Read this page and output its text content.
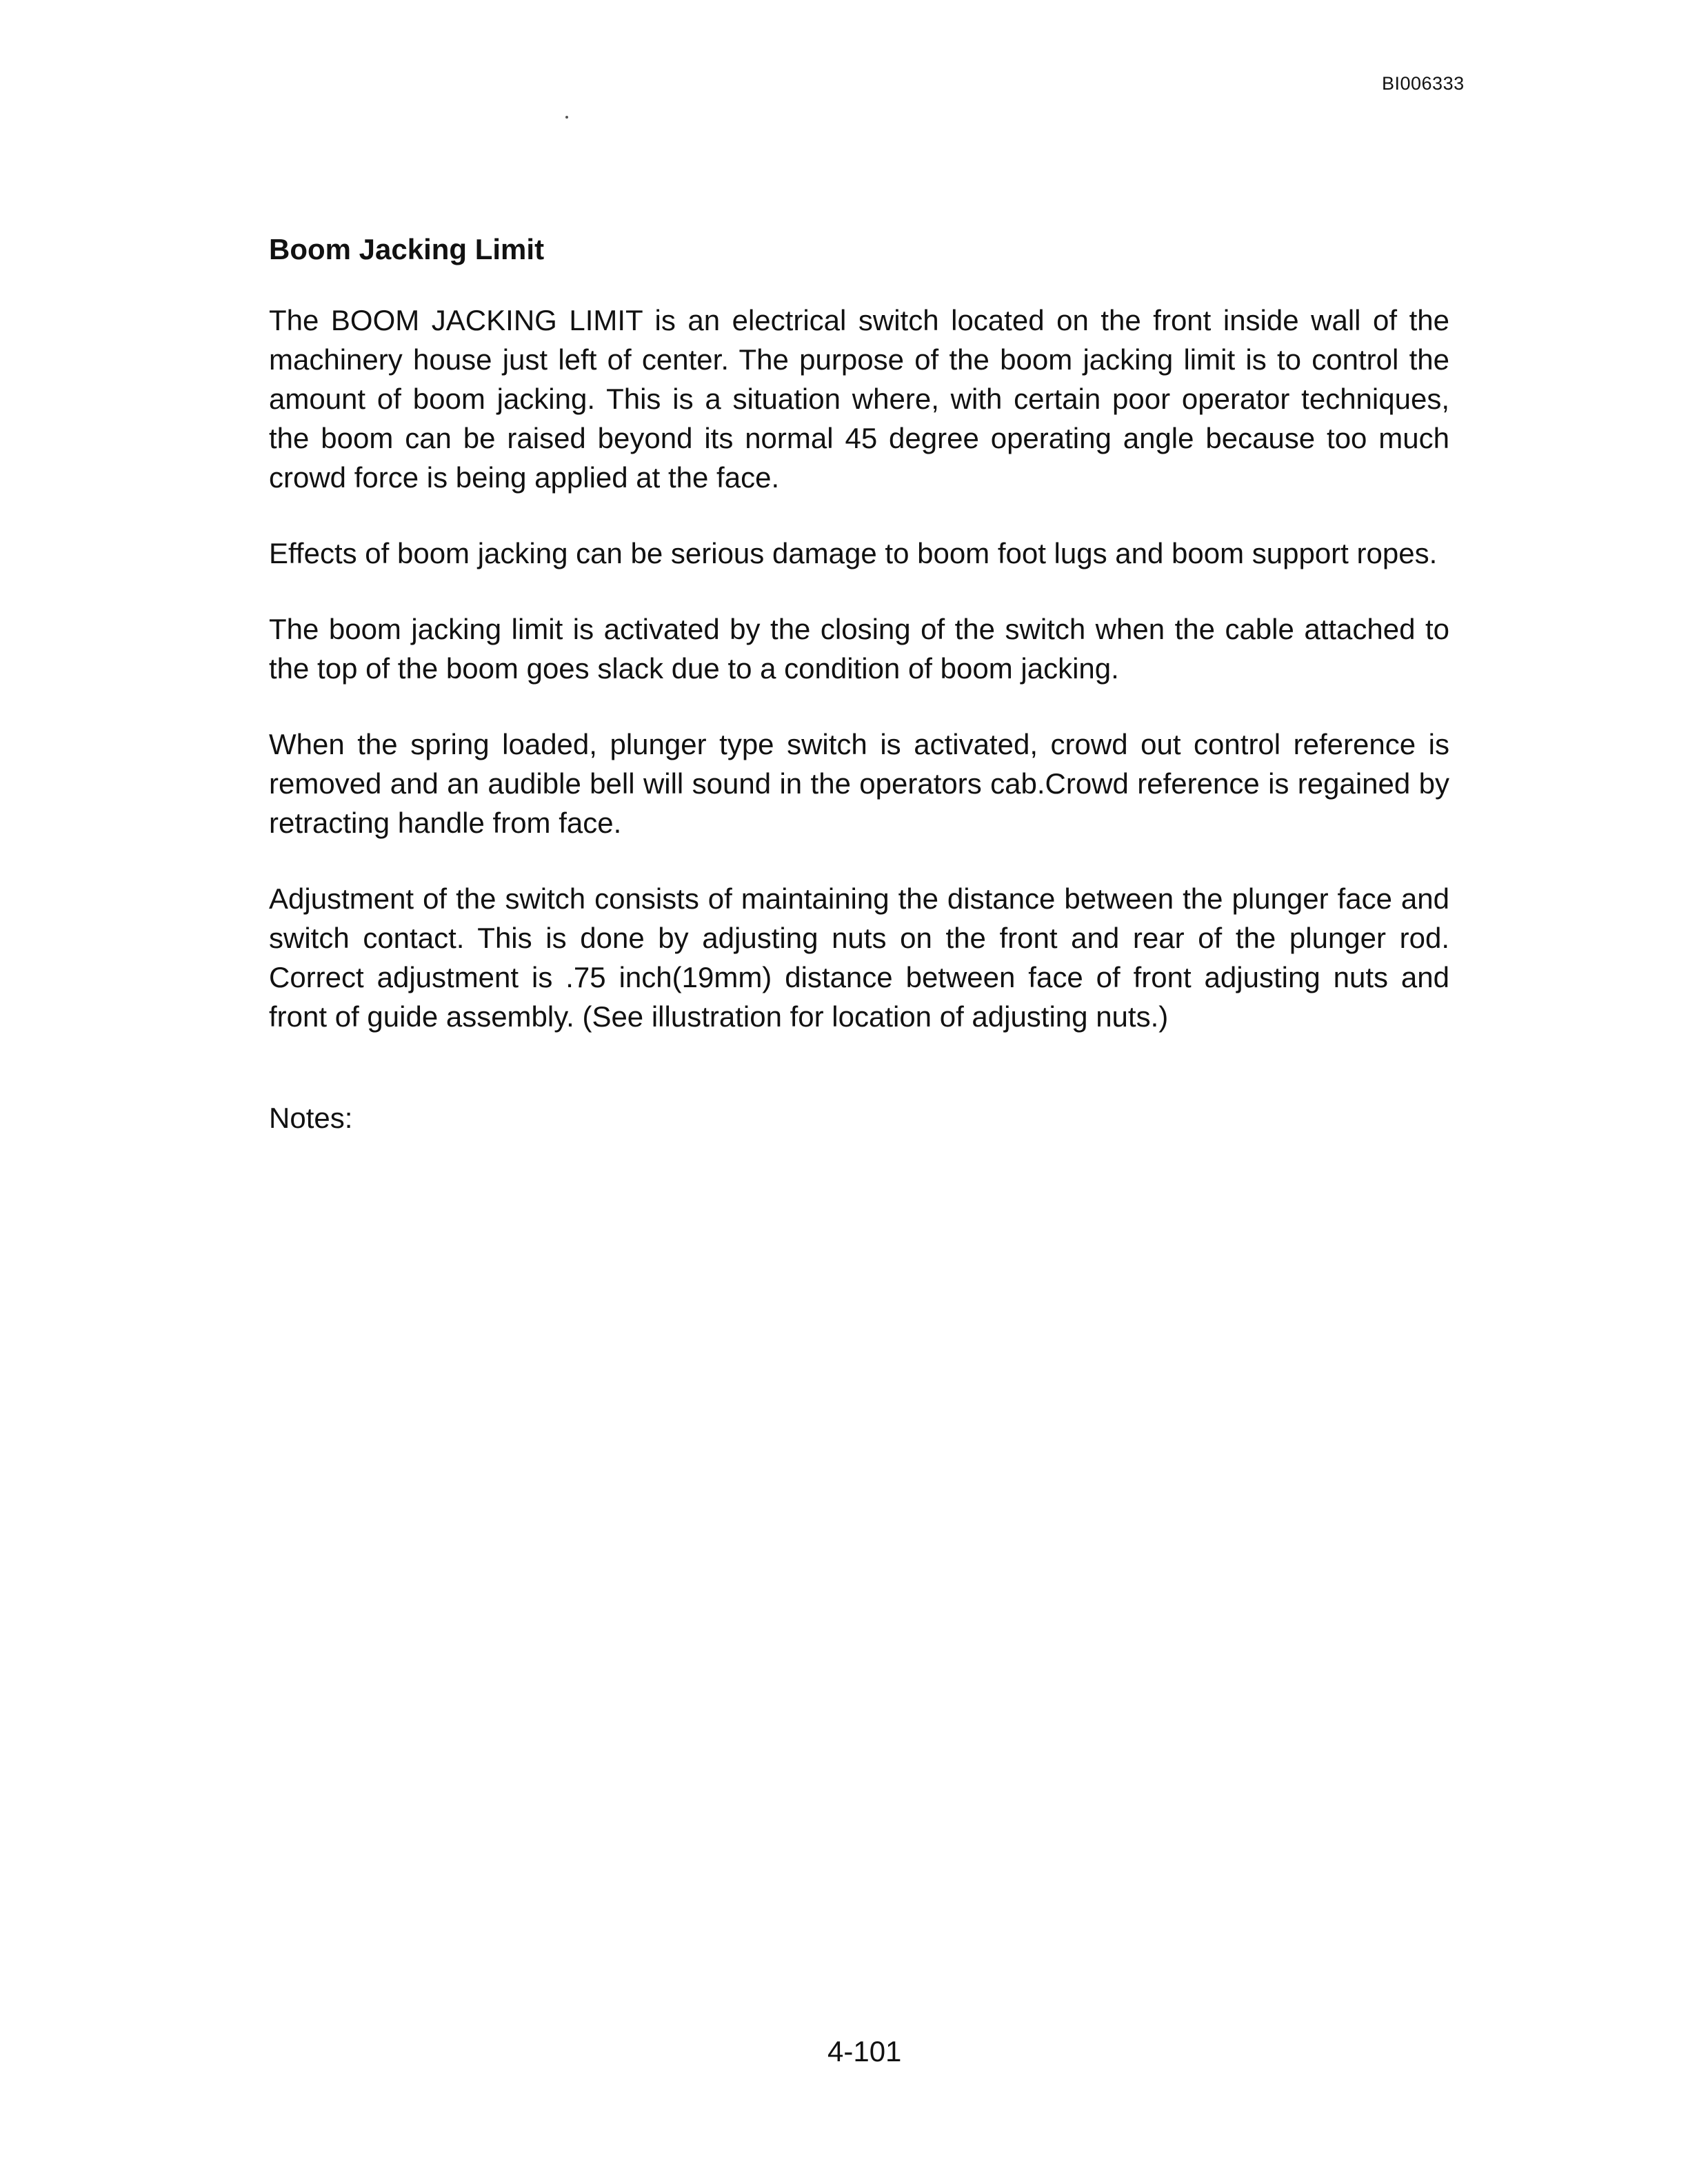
BI006333
Boom Jacking Limit

The BOOM JACKING LIMIT is an electrical switch located on the front inside wall of the machinery house just left of center. The purpose of the boom jacking limit is to control the amount of boom jacking. This is a situation where, with certain poor operator techniques, the boom can be raised beyond its normal 45 degree operating angle because too much crowd force is being applied at the face.

Effects of boom jacking can be serious damage to boom foot lugs and boom support ropes.

The boom jacking limit is activated by the closing of the switch when the cable attached to the top of the boom goes slack due to a condition of boom jacking.

When the spring loaded, plunger type switch is activated, crowd out control reference is removed and an audible bell will sound in the operators cab.Crowd reference is regained by retracting handle from face.

Adjustment of the switch consists of maintaining the distance between the plunger face and switch contact. This is done by adjusting nuts on the front and rear of the plunger rod. Correct adjustment is .75 inch(19mm) distance between face of front adjusting nuts and front of guide assembly. (See illustration for location of adjusting nuts.)

Notes:
4-101
